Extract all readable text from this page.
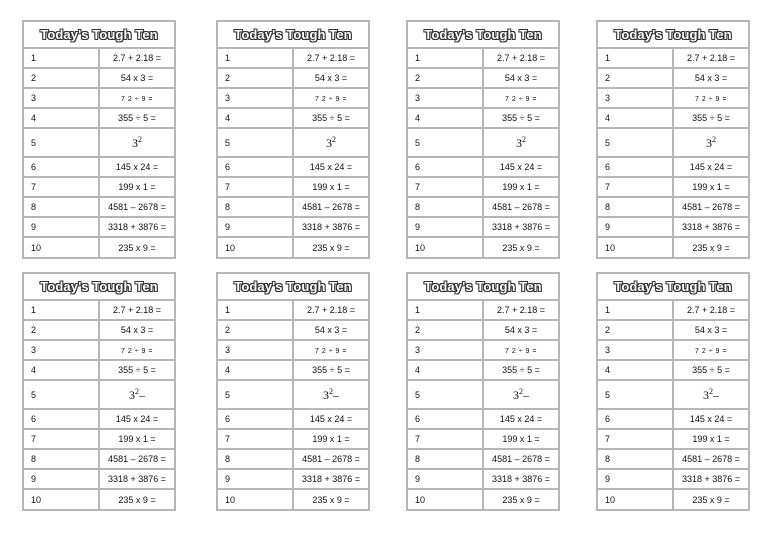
Today's Tough Ten	
1	2.7 + 2.18 =
2	54 x 3 =
3	7 2 ÷ 9 =
4	355 ÷ 5 =
5	$3^2$
6	145 x 24 =
7	199 x 1 =
8	4581 – 2678 =
9	3318 + 3876 =
10	235 x 9 =
Today's Tough Ten	
1	2.7 + 2.18 =
2	54 x 3 =
3	7 2 ÷ 9 =
4	355 ÷ 5 =
5	$3^2$
6	145 x 24 =
7	199 x 1 =
8	4581 – 2678 =
9	3318 + 3876 =
10	235 x 9 =
Today's Tough Ten	
1	2.7 + 2.18 =
2	54 x 3 =
3	7 2 ÷ 9 =
4	355 ÷ 5 =
5	$3^2$
6	145 x 24 =
7	199 x 1 =
8	4581 – 2678 =
9	3318 + 3876 =
10	235 x 9 =
Today's Tough Ten	
1	2.7 + 2.18 =
2	54 x 3 =
3	7 2 ÷ 9 =
4	355 ÷ 5 =
5	$3^2$
6	145 x 24 =
7	199 x 1 =
8	4581 – 2678 =
9	3318 + 3876 =
10	235 x 9 =
Today's Tough Ten	
1	2.7 + 2.18 =
2	54 x 3 =
3	7 2 ÷ 9 =
4	355 ÷ 5 =
5	$3^2-$
6	145 x 24 =
7	199 x 1 =
8	4581 – 2678 =
9	3318 + 3876 =
10	235 x 9 =
Today's Tough Ten	
1	2.7 + 2.18 =
2	54 x 3 =
3	7 2 ÷ 9 =
4	355 ÷ 5 =
5	$3^2-$
6	145 x 24 =
7	199 x 1 =
8	4581 – 2678 =
9	3318 + 3876 =
10	235 x 9 =
Today's Tough Ten	
1	2.7 + 2.18 =
2	54 x 3 =
3	7 2 ÷ 9 =
4	355 ÷ 5 =
5	$3^2-$
6	145 x 24 =
7	199 x 1 =
8	4581 – 2678 =
9	3318 + 3876 =
10	235 x 9 =
Today's Tough Ten	
1	2.7 + 2.18 =
2	54 x 3 =
3	7 2 ÷ 9 =
4	355 ÷ 5 =
5	$3^2-$
6	145 x 24 =
7	199 x 1 =
8	4581 – 2678 =
9	3318 + 3876 =
10	235 x 9 =
